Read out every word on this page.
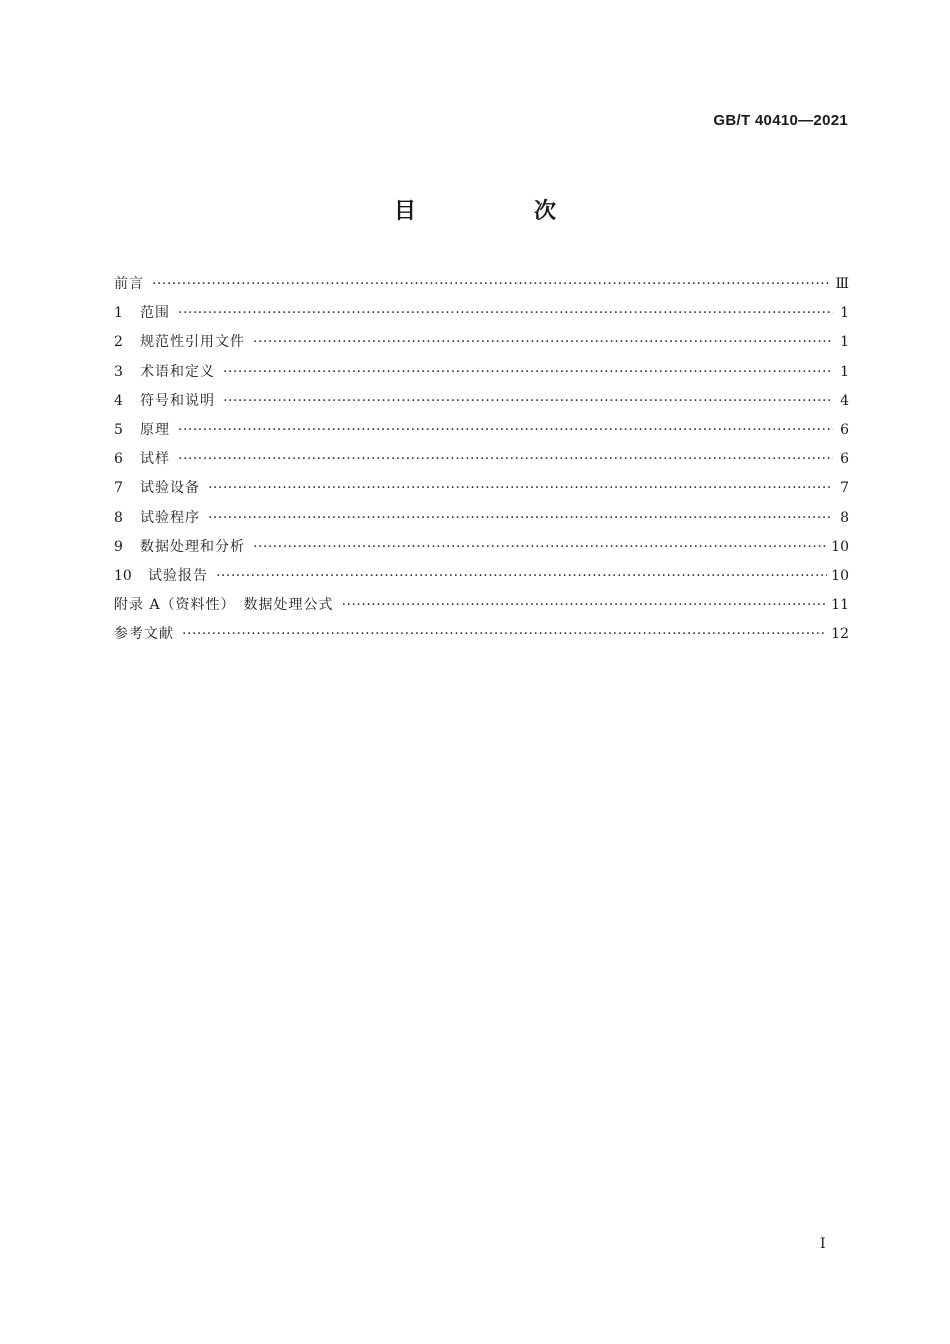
GB/T 40410—2021
目　次
前言 ·····	Ⅲ
1	范围 ·····	1
2	规范性引用文件 ·····	1
3	术语和定义 ·····	1
4	符号和说明 ·····	4
5	原理 ·····	6
6	试样 ·····	6
7	试验设备 ·····	7
8	试验程序 ·····	8
9	数据处理和分析 ·····	10
10	试验报告 ·····	10
附录 A（资料性）　数据处理公式 ·····	11
参考文献 ·····	12
Ⅰ
